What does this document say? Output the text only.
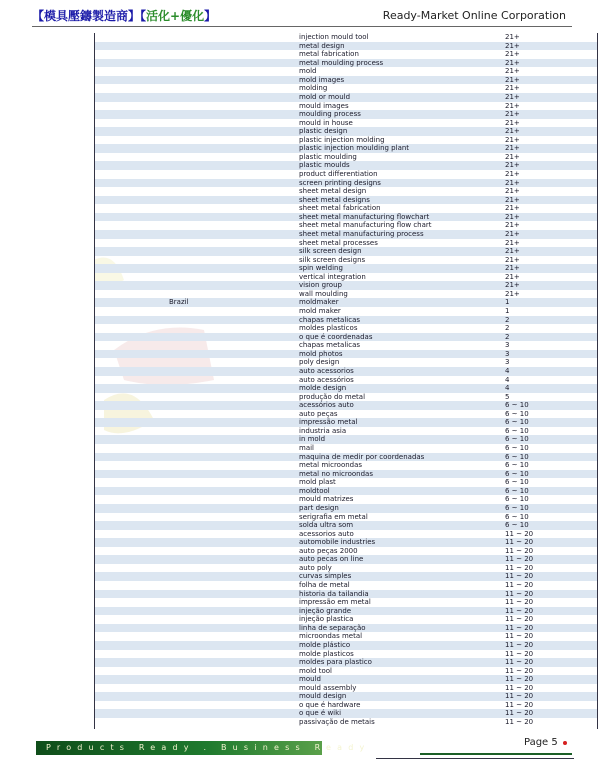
【模具壓鑄製造商】【活化+優化】	Ready-Market Online Corporation
injection mould tool	21+
metal design	21+
metal fabrication	21+
metal moulding process	21+
mold	21+
mold images	21+
molding	21+
mold or mould	21+
mould images	21+
moulding process	21+
mould in house	21+
plastic design	21+
plastic injection molding	21+
plastic injection moulding plant	21+
plastic moulding	21+
plastic moulds	21+
product differentiation	21+
screen printing designs	21+
sheet metal design	21+
sheet metal designs	21+
sheet metal fabrication	21+
sheet metal manufacturing flowchart	21+
sheet metal manufacturing flow chart	21+
sheet metal manufacturing process	21+
sheet metal processes	21+
silk screen design	21+
silk screen designs	21+
spin welding	21+
vertical integration	21+
vision group	21+
wall moulding	21+
Brazil	moldmaker	1
mold maker	1
chapas metalicas	2
moldes plasticos	2
o que é coordenadas	2
chapas metalicas	3
mold photos	3
poly design	3
auto acessorios	4
auto acessórios	4
molde design	4
produção do metal	5
acessórios auto	6 ~ 10
auto peças	6 ~ 10
impressão metal	6 ~ 10
industria asia	6 ~ 10
in mold	6 ~ 10
mail	6 ~ 10
maquina de medir por coordenadas	6 ~ 10
metal microondas	6 ~ 10
metal no microondas	6 ~ 10
mold plast	6 ~ 10
moldtool	6 ~ 10
mould matrizes	6 ~ 10
part design	6 ~ 10
serigrafia em metal	6 ~ 10
solda ultra som	6 ~ 10
acessorios auto	11 ~ 20
automobile industries	11 ~ 20
auto peças 2000	11 ~ 20
auto pecas on line	11 ~ 20
auto poly	11 ~ 20
curvas simples	11 ~ 20
folha de metal	11 ~ 20
historia da tailandia	11 ~ 20
impressão em metal	11 ~ 20
injeção grande	11 ~ 20
injeção plastica	11 ~ 20
linha de separação	11 ~ 20
microondas metal	11 ~ 20
molde plástico	11 ~ 20
molde plasticos	11 ~ 20
moldes para plastico	11 ~ 20
mold tool	11 ~ 20
mould	11 ~ 20
mould assembly	11 ~ 20
mould design	11 ~ 20
o que é hardware	11 ~ 20
o que é wiki	11 ~ 20
passivação de metais	11 ~ 20
Products Ready . Business Ready	Page 5
